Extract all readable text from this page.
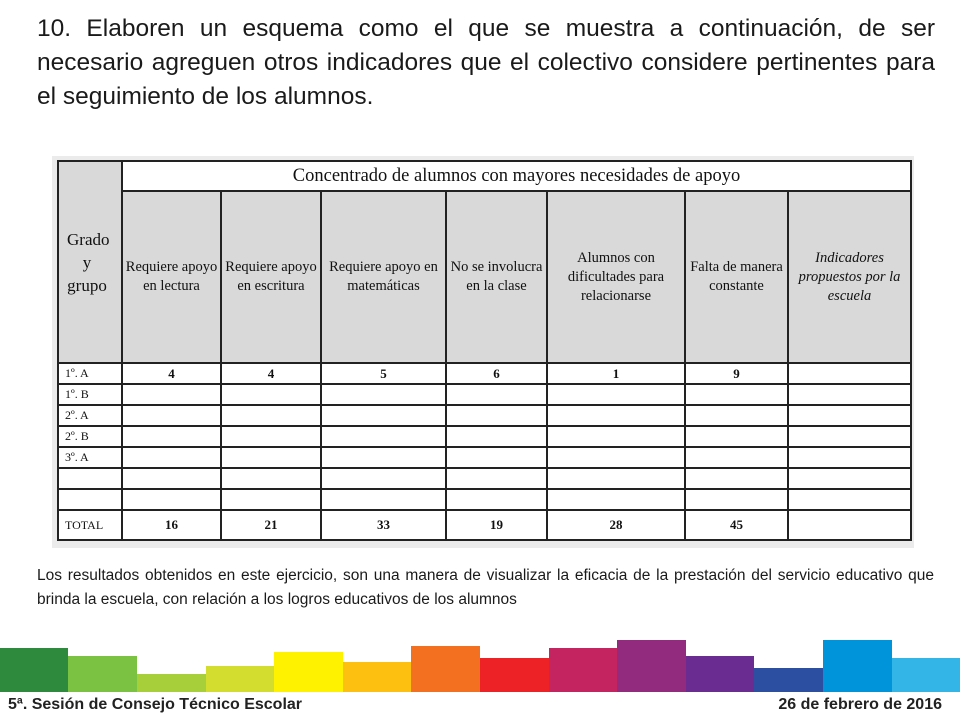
10. Elaboren un esquema como el que se muestra a continuación, de ser necesario agreguen otros indicadores que el colectivo considere pertinentes para el seguimiento de los alumnos.
Grado y grupo	Concentrado de alumnos con mayores necesidades de apoyo						
	Requiere apoyo en lectura	Requiere apoyo en escritura	Requiere apoyo en matemáticas	No se involucra en la clase	Alumnos con dificultades para relacionarse	Falta de manera constante	Indicadores propuestos por la escuela
1º. A	4	4	5	6	1	9	
1º. B							
2º. A							
2º. B							
3º. A							

TOTAL	16	21	33	19	28	45	
Los resultados obtenidos en este ejercicio, son una manera de visualizar la eficacia de la prestación del servicio educativo que brinda la escuela, con relación a los logros educativos de los alumnos
5ª. Sesión de Consejo Técnico Escolar	26 de febrero de 2016
